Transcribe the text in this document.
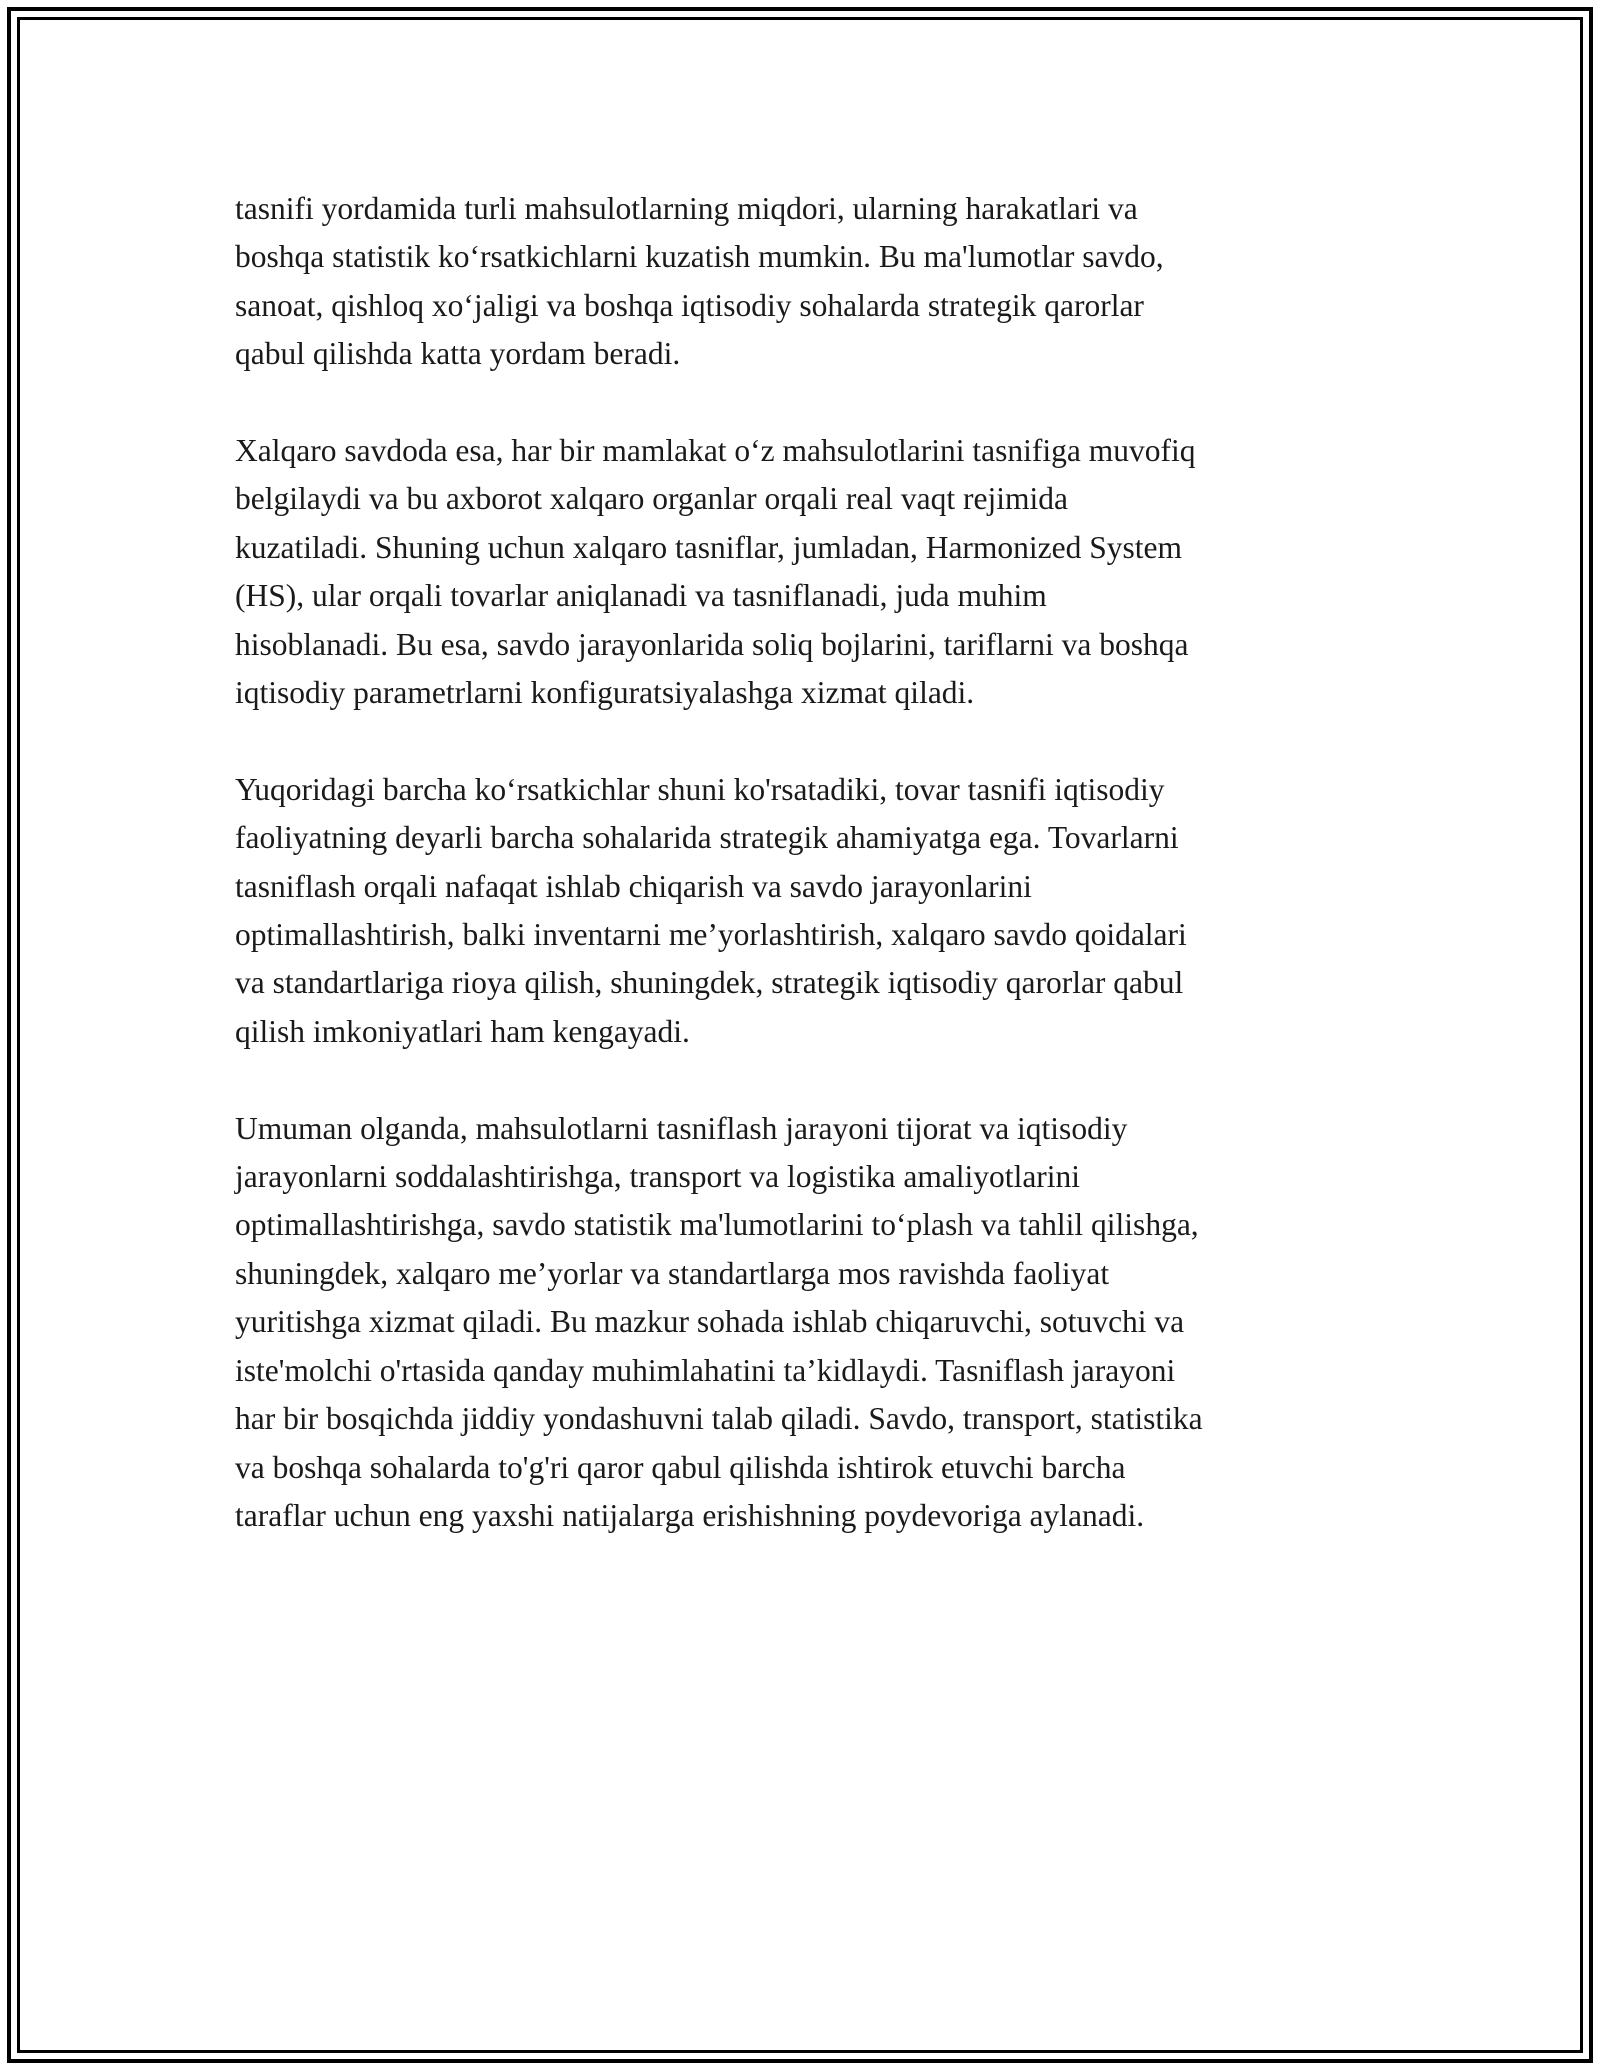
tasnifi yordamida turli mahsulotlarning miqdori, ularning harakatlari va
boshqa statistik ko‘rsatkichlarni kuzatish mumkin. Bu ma'lumotlar savdo,
sanoat, qishloq xo‘jaligi va boshqa iqtisodiy sohalarda strategik qarorlar
qabul qilishda katta yordam beradi.

Xalqaro savdoda esa, har bir mamlakat o‘z mahsulotlarini tasnifiga muvofiq
belgilaydi va bu axborot xalqaro organlar orqali real vaqt rejimida
kuzatiladi. Shuning uchun xalqaro tasniflar, jumladan, Harmonized System
(HS), ular orqali tovarlar aniqlanadi va tasniflanadi, juda muhim
hisoblanadi. Bu esa, savdo jarayonlarida soliq bojlarini, tariflarni va boshqa
iqtisodiy parametrlarni konfiguratsiyalashga xizmat qiladi.

Yuqoridagi barcha ko‘rsatkichlar shuni ko'rsatadiki, tovar tasnifi iqtisodiy
faoliyatning deyarli barcha sohalarida strategik ahamiyatga ega. Tovarlarni
tasniflash orqali nafaqat ishlab chiqarish va savdo jarayonlarini
optimallashtirish, balki inventarni me’yorlashtirish, xalqaro savdo qoidalari
va standartlariga rioya qilish, shuningdek, strategik iqtisodiy qarorlar qabul
qilish imkoniyatlari ham kengayadi.

Umuman olganda, mahsulotlarni tasniflash jarayoni tijorat va iqtisodiy
jarayonlarni soddalashtirishga, transport va logistika amaliyotlarini
optimallashtirishga, savdo statistik ma'lumotlarini to‘plash va tahlil qilishga,
shuningdek, xalqaro me’yorlar va standartlarga mos ravishda faoliyat
yuritishga xizmat qiladi. Bu mazkur sohada ishlab chiqaruvchi, sotuvchi va
iste'molchi o'rtasida qanday muhimlahatini ta’kidlaydi. Tasniflash jarayoni
har bir bosqichda jiddiy yondashuvni talab qiladi. Savdo, transport, statistika
va boshqa sohalarda to'g'ri qaror qabul qilishda ishtirok etuvchi barcha
taraflar uchun eng yaxshi natijalarga erishishning poydevoriga aylanadi.
